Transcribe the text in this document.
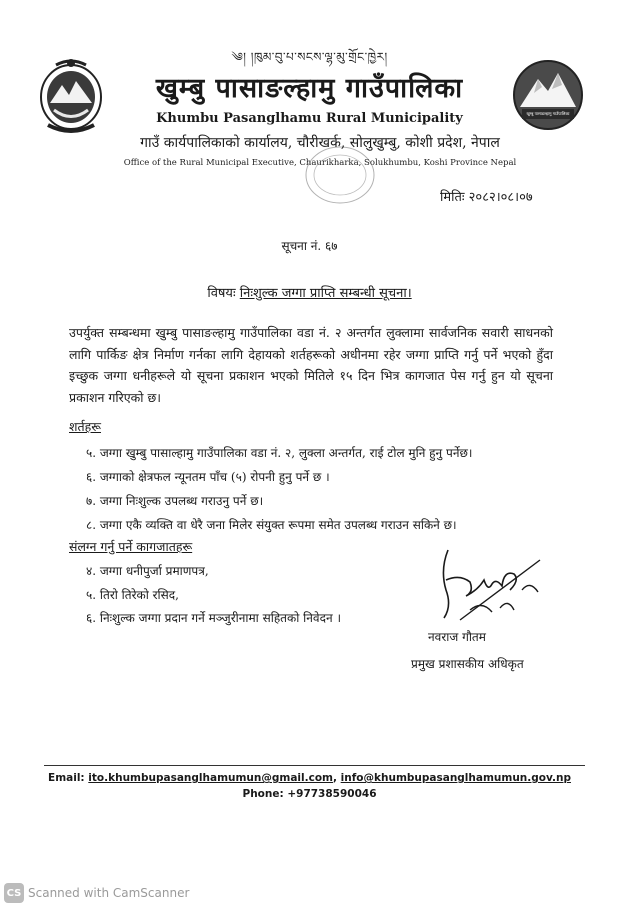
༄། །ཁུམ་བུ་པ་སངས་ལྷ་མུ་གྲོང་ཁྱེར།
खुम्बु पासाङल्हामु गाउँपालिका
खुम्बु पासाङल्हामु गाउँपालिका
Khumbu Pasanglhamu Rural Municipality
गाउँ कार्यपालिकाको कार्यालय, चौरीखर्क, सोलुखुम्बु, कोशी प्रदेश, नेपाल
Office of the Rural Municipal Executive, Chaurikharka, Solukhumbu, Koshi Province Nepal
मितिः २०८२।०८।०७
सूचना नं. ६७
विषयः निःशुल्क जग्गा प्राप्ति सम्बन्धी सूचना।
उपर्युक्त सम्बन्धमा खुम्बु पासाङल्हामु गाउँपालिका वडा नं. २ अन्तर्गत लुक्लामा सार्वजनिक सवारी साधनको लागि पार्किङ क्षेत्र निर्माण गर्नका लागि देहायको शर्तहरूको अधीनमा रहेर जग्गा प्राप्ति गर्नु पर्ने भएको हुँदा इच्छुक जग्गा धनीहरूले यो सूचना प्रकाशन भएको मितिले १५ दिन भित्र कागजात पेस गर्नु हुन यो सूचना प्रकाशन गरिएको छ।
शर्तहरू
५. जग्गा खुम्बु पासाल्हामु गाउँपालिका वडा नं. २, लुक्ला अन्तर्गत, राई टोल मुनि हुनु पर्नेछ।
६. जग्गाको क्षेत्रफल न्यूनतम पाँच (५) रोपनी हुनु पर्ने छ ।
७. जग्गा निःशुल्क उपलब्ध गराउनु पर्ने छ।
८. जग्गा एकै व्यक्ति वा धेरै जना मिलेर संयुक्त रूपमा समेत उपलब्ध गराउन सकिने छ।
संलग्न गर्नु पर्ने कागजातहरू
४. जग्गा धनीपुर्जा प्रमाणपत्र,
५. तिरो तिरेको रसिद,
६. निःशुल्क जग्गा प्रदान गर्ने मञ्जुरीनामा सहितको निवेदन ।
नवराज गौतम
प्रमुख प्रशासकीय अधिकृत
Email: ito.khumbupasanglhamumun@gmail.com, info@khumbupasanglhamumun.gov.np
Phone: +97738590046
CS Scanned with CamScanner
